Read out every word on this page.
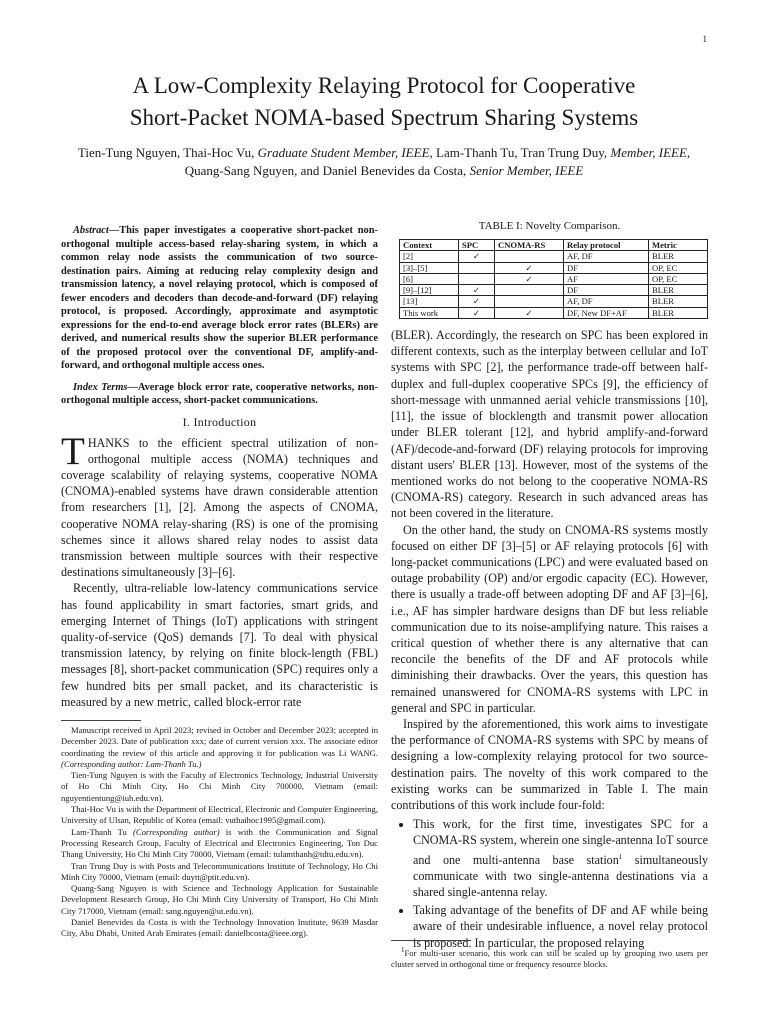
1
A Low-Complexity Relaying Protocol for Cooperative
Short-Packet NOMA-based Spectrum Sharing Systems
Tien-Tung Nguyen, Thai-Hoc Vu, Graduate Student Member, IEEE, Lam-Thanh Tu, Tran Trung Duy, Member, IEEE, Quang-Sang Nguyen, and Daniel Benevides da Costa, Senior Member, IEEE

Abstract—This paper investigates a cooperative short-packet non-orthogonal multiple access-based relay-sharing system, in which a common relay node assists the communication of two source-destination pairs. Aiming at reducing relay complexity design and transmission latency, a novel relaying protocol, which is composed of fewer encoders and decoders than decode-and-forward (DF) relaying protocol, is proposed. Accordingly, approximate and asymptotic expressions for the end-to-end average block error rates (BLERs) are derived, and numerical results show the superior BLER performance of the proposed protocol over the conventional DF, amplify-and-forward, and orthogonal multiple access ones.

Index Terms—Average block error rate, cooperative networks, non-orthogonal multiple access, short-packet communications.

I. Introduction

THANKS to the efficient spectral utilization of non-orthogonal multiple access (NOMA) techniques and coverage scalability of relaying systems, cooperative NOMA (CNOMA)-enabled systems have drawn considerable attention from researchers [1], [2]. Among the aspects of CNOMA, cooperative NOMA relay-sharing (RS) is one of the promising schemes since it allows shared relay nodes to assist data transmission between multiple sources with their respective destinations simultaneously [3]–[6].

Recently, ultra-reliable low-latency communications service has found applicability in smart factories, smart grids, and emerging Internet of Things (IoT) applications with stringent quality-of-service (QoS) demands [7]. To deal with physical transmission latency, by relying on finite block-length (FBL) messages [8], short-packet communication (SPC) requires only a few hundred bits per small packet, and its characteristic is measured by a new metric, called block-error rate

Manuscript received in April 2023; revised in October and December 2023; accepted in December 2023. Date of publication xxx; date of current version xxx. The associate editor coordinating the review of this article and approving it for publication was Li WANG. (Corresponding author: Lam-Thanh Tu.)

Tien-Tung Nguyen is with the Faculty of Electronics Technology, Industrial University of Ho Chi Minh City, Ho Chi Minh City 700000, Vietnam (email: nguyentientung@iuh.edu.vn).

Thai-Hoc Vu is with the Department of Electrical, Electronic and Computer Engineering, University of Ulsan, Republic of Korea (email: vuthaihoc1995@gmail.com).

Lam-Thanh Tu (Corresponding author) is with the Communication and Signal Processing Research Group, Faculty of Electrical and Electronics Engineering, Ton Duc Thang University, Ho Chi Minh City 70000, Vietnam (email: tulamthanh@tdtu.edu.vn).

Tran Trung Duy is with Posts and Telecommunications Institute of Technology, Ho Chi Minh City 70000, Vietnam (email: duytt@ptit.edu.vn).

Quang-Sang Nguyen is with Science and Technology Application for Sustainable Development Research Group, Ho Chi Minh City University of Transport, Ho Chi Minh City 717000, Vietnam (email: sang.nguyen@ut.edu.vn).

Daniel Benevides da Costa is with the Technology Innovation Institute, 9639 Masdar City, Abu Dhabi, United Arab Emirates (email: danielbcosta@ieee.org).

TABLE I: Novelty Comparison.
Context	SPC	CNOMA-RS	Relay protocol	Metric
[2]	✓		AF, DF	BLER
[3]–[5]		✓	DF	OP, EC
[6]		✓	AF	OP, EC
[9]–[12]	✓		DF	BLER
[13]	✓		AF, DF	BLER
This work	✓	✓	DF, New DF+AF	BLER

(BLER). Accordingly, the research on SPC has been explored in different contexts, such as the interplay between cellular and IoT systems with SPC [2], the performance trade-off between half-duplex and full-duplex cooperative SPCs [9], the efficiency of short-message with unmanned aerial vehicle transmissions [10], [11], the issue of blocklength and transmit power allocation under BLER tolerant [12], and hybrid amplify-and-forward (AF)/decode-and-forward (DF) relaying protocols for improving distant users' BLER [13]. However, most of the systems of the mentioned works do not belong to the cooperative NOMA-RS (CNOMA-RS) category. Research in such advanced areas has not been covered in the literature.

On the other hand, the study on CNOMA-RS systems mostly focused on either DF [3]–[5] or AF relaying protocols [6] with long-packet communications (LPC) and were evaluated based on outage probability (OP) and/or ergodic capacity (EC). However, there is usually a trade-off between adopting DF and AF [3]–[6], i.e., AF has simpler hardware designs than DF but less reliable communication due to its noise-amplifying nature. This raises a critical question of whether there is any alternative that can reconcile the benefits of the DF and AF protocols while diminishing their drawbacks. Over the years, this question has remained unanswered for CNOMA-RS systems with LPC in general and SPC in particular.

Inspired by the aforementioned, this work aims to investigate the performance of CNOMA-RS systems with SPC by means of designing a low-complexity relaying protocol for two source-destination pairs. The novelty of this work compared to the existing works can be summarized in Table I. The main contributions of this work include four-fold:

• This work, for the first time, investigates SPC for a CNOMA-RS system, wherein one single-antenna IoT source and one multi-antenna base station$^1$ simultaneously communicate with two single-antenna destinations via a shared single-antenna relay.
• Taking advantage of the benefits of DF and AF while being aware of their undesirable influence, a novel relay protocol is proposed. In particular, the proposed relaying

$^1$For multi-user scenario, this work can still be scaled up by grouping two users per cluster served in orthogonal time or frequency resource blocks.
